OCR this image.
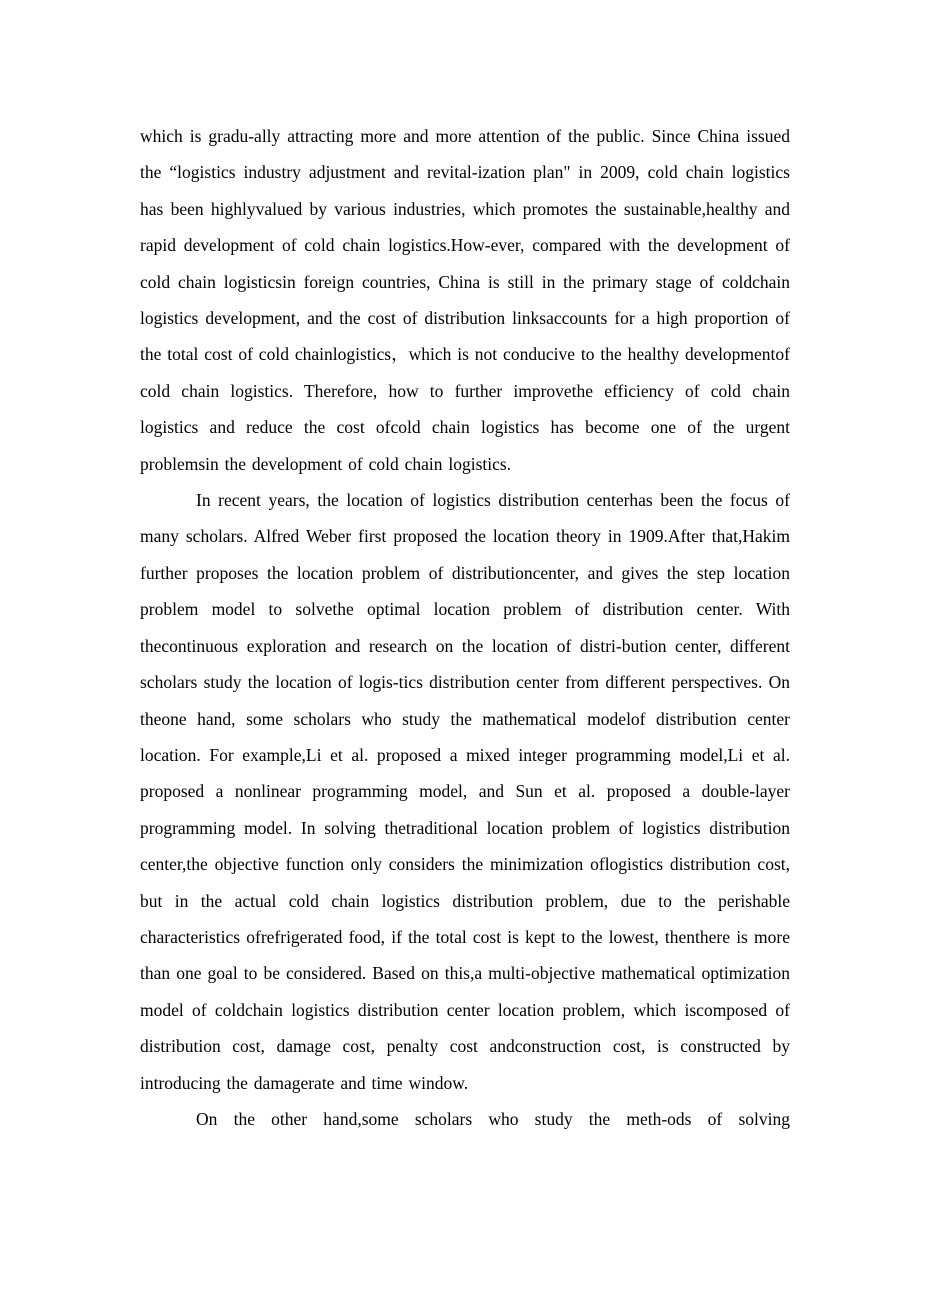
which is gradu-ally attracting more and more attention of the public. Since China issued the “logistics industry adjustment and revital-ization plan" in 2009, cold chain logistics has been highlyvalued by various industries, which promotes the sustainable,healthy and rapid development of cold chain logistics.How-ever, compared with the development of cold chain logisticsin foreign countries, China is still in the primary stage of coldchain logistics development, and the cost of distribution linksaccounts for a high proportion of the total cost of cold chainlogistics，which is not conducive to the healthy developmentof cold chain logistics. Therefore, how to further improvethe efficiency of cold chain logistics and reduce the cost ofcold chain logistics has become one of the urgent problemsin the development of cold chain logistics.

In recent years, the location of logistics distribution centerhas been the focus of many scholars. Alfred Weber first proposed the location theory in 1909.After that,Hakim further proposes the location problem of distributioncenter, and gives the step location problem model to solvethe optimal location problem of distribution center. With thecontinuous exploration and research on the location of distri-bution center, different scholars study the location of logis-tics distribution center from different perspectives. On theone hand, some scholars who study the mathematical modelof distribution center location. For example,Li et al. proposed a mixed integer programming model,Li et al. proposed a nonlinear programming model, and Sun et al. proposed a double-layer programming model. In solving thetraditional location problem of logistics distribution center,the objective function only considers the minimization oflogistics distribution cost, but in the actual cold chain logistics distribution problem, due to the perishable characteristics ofrefrigerated food, if the total cost is kept to the lowest, thenthere is more than one goal to be considered. Based on this,a multi-objective mathematical optimization model of coldchain logistics distribution center location problem, which iscomposed of distribution cost, damage cost, penalty cost andconstruction cost, is constructed by introducing the damagerate and time window.

On the other hand,some scholars who study the meth-ods of solving
